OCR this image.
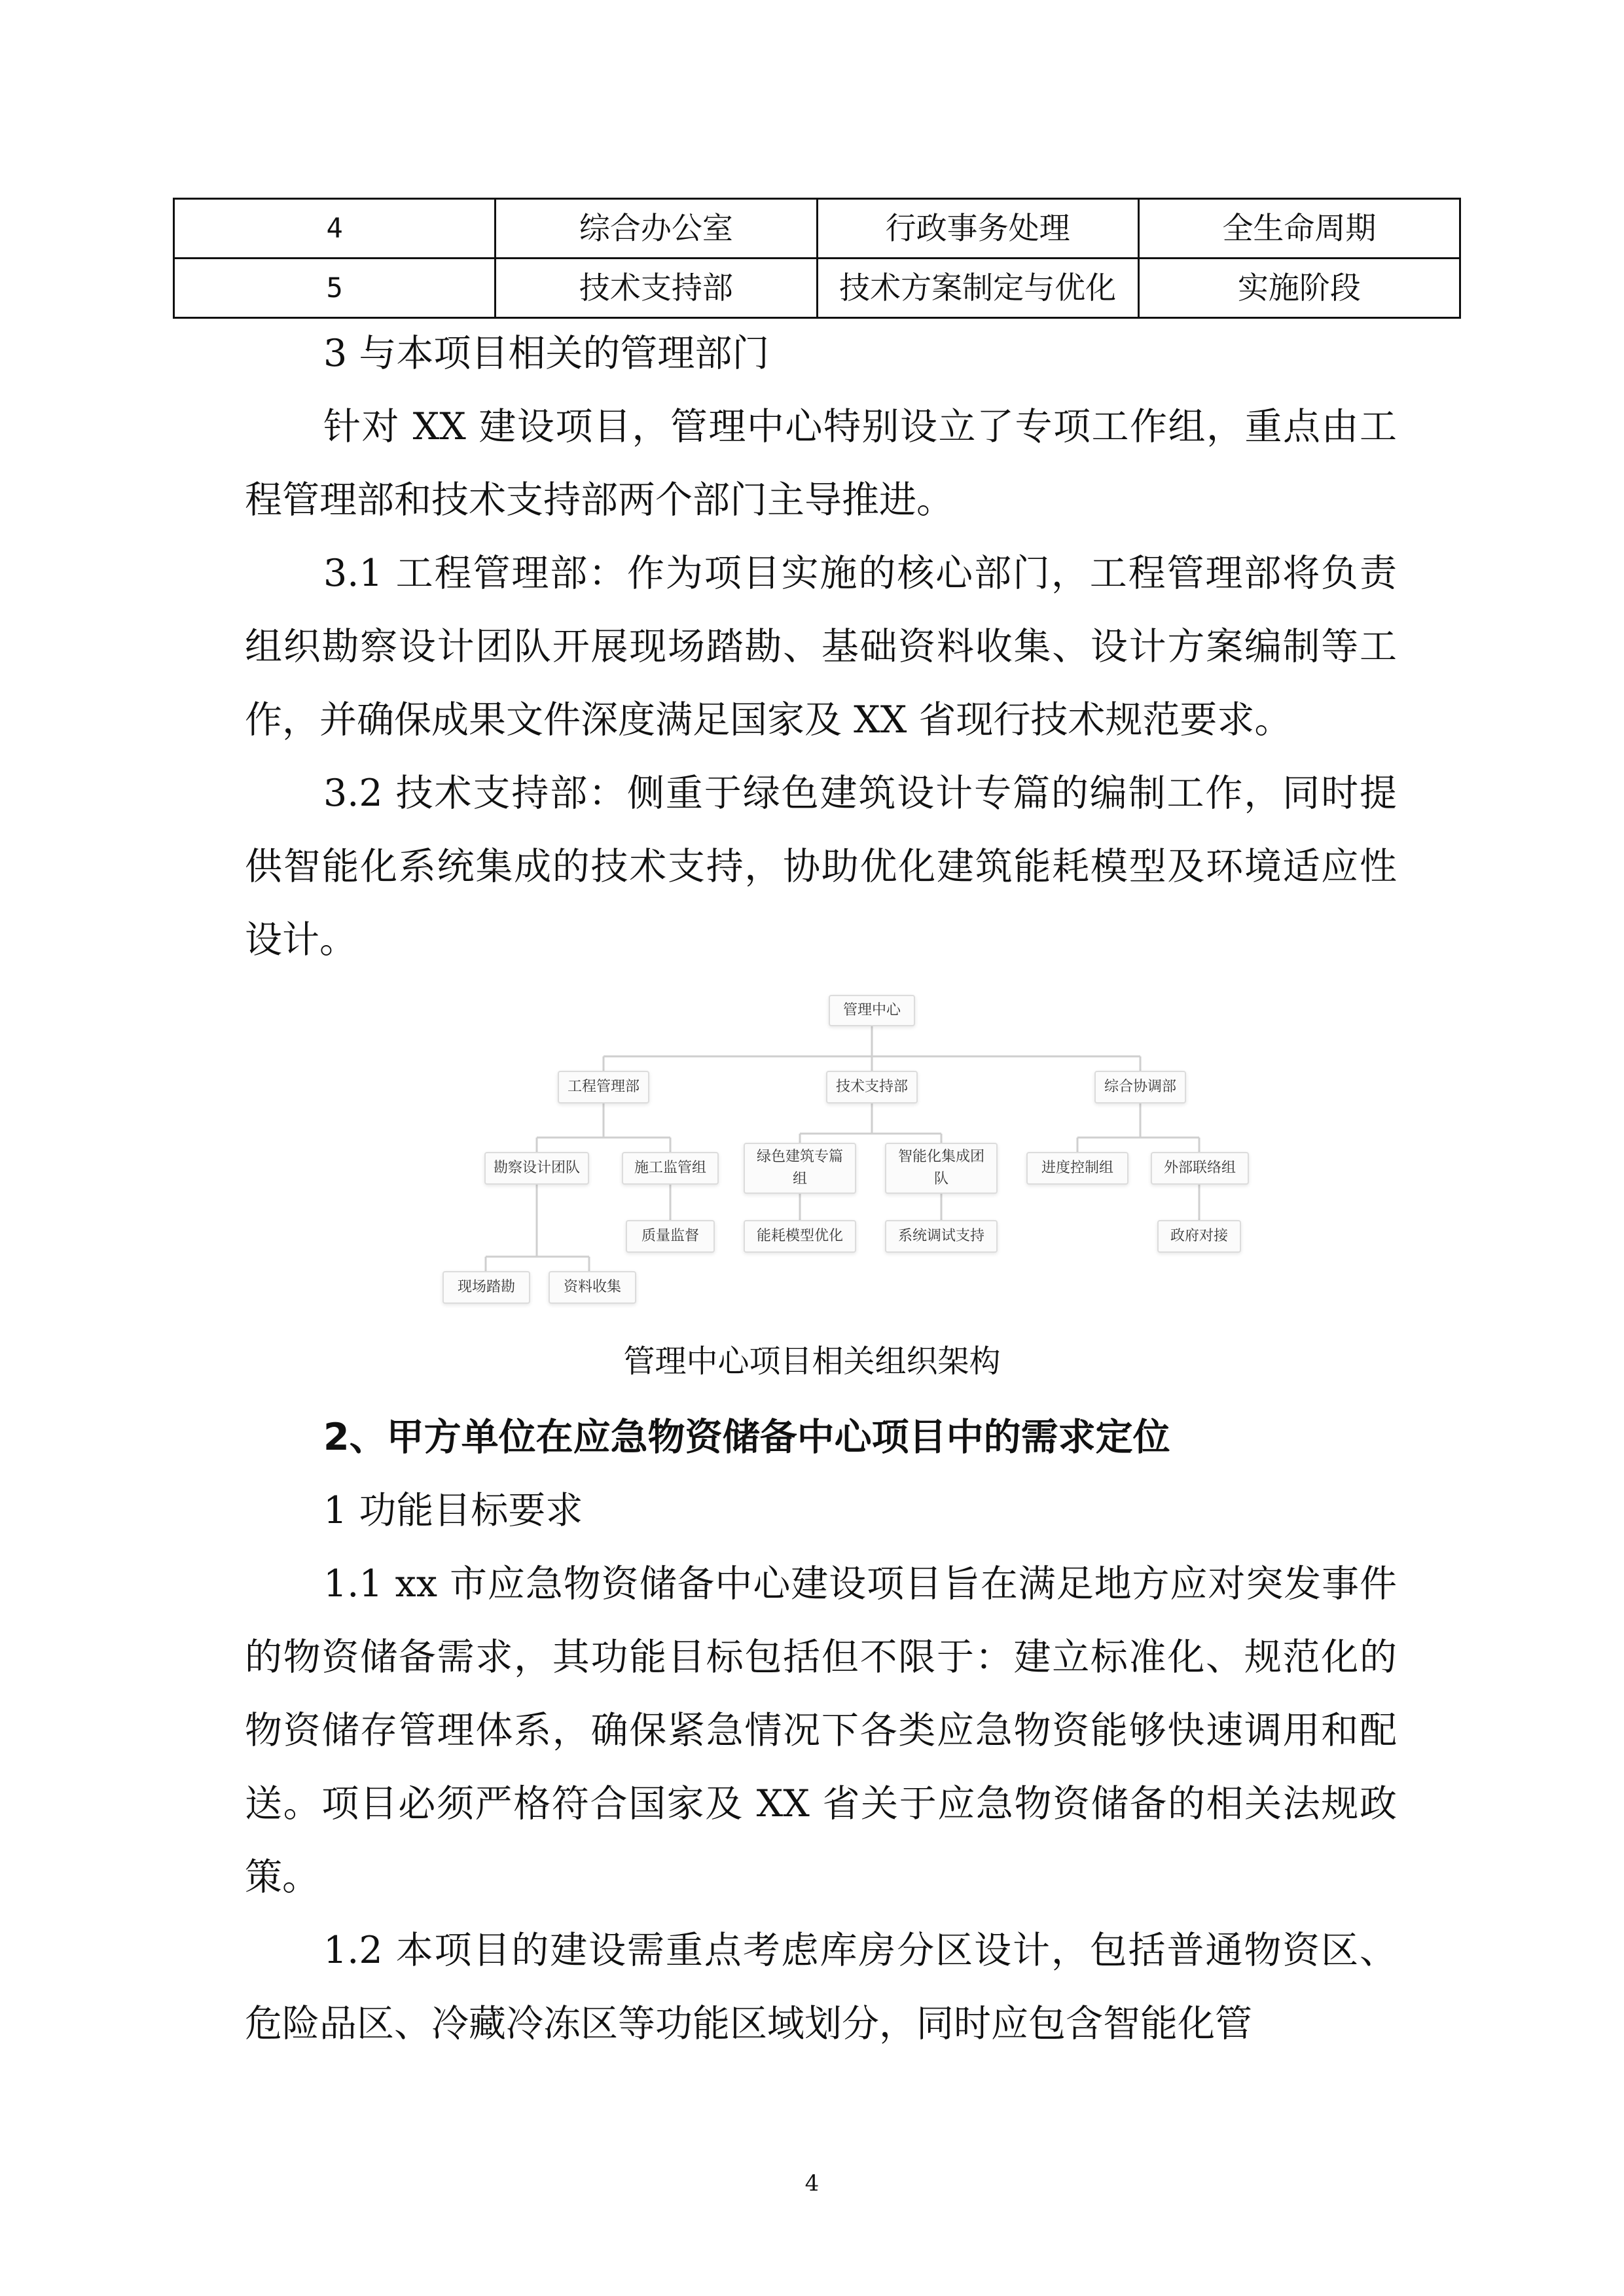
4	综合办公室	行政事务处理	全生命周期
5	技术支持部	技术方案制定与优化	实施阶段

3 与本项目相关的管理部门

针对 XX 建设项目，管理中心特别设立了专项工作组，重点由工程管理部和技术支持部两个部门主导推进。

3.1 工程管理部：作为项目实施的核心部门，工程管理部将负责组织勘察设计团队开展现场踏勘、基础资料收集、设计方案编制等工作，并确保成果文件深度满足国家及 XX 省现行技术规范要求。

3.2 技术支持部：侧重于绿色建筑设计专篇的编制工作，同时提供智能化系统集成的技术支持，协助优化建筑能耗模型及环境适应性设计。

管理中心
工程管理部	技术支持部	综合协调部
勘察设计团队	施工监管组
绿色建筑专篇组
智能化集成团队
进度控制组	外部联络组
现场踏勘	资料收集
质量监督	能耗模型优化	系统调试支持	政府对接
管理中心项目相关组织架构

2、甲方单位在应急物资储备中心项目中的需求定位

1 功能目标要求

1.1 xx 市应急物资储备中心建设项目旨在满足地方应对突发事件的物资储备需求，其功能目标包括但不限于：建立标准化、规范化的物资储存管理体系，确保紧急情况下各类应急物资能够快速调用和配送。项目必须严格符合国家及 XX 省关于应急物资储备的相关法规政策。

1.2 本项目的建设需重点考虑库房分区设计，包括普通物资区、危险品区、冷藏冷冻区等功能区域划分，同时应包含智能化管

4
